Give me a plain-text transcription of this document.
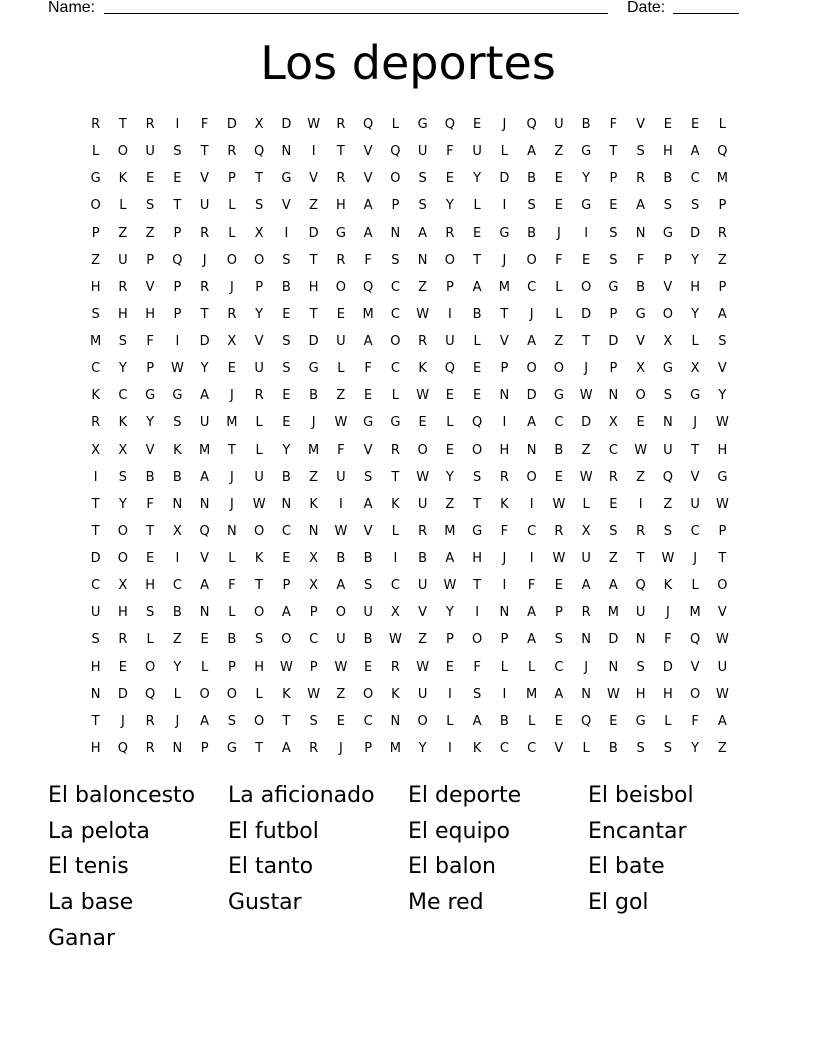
Name:	Date:
Los deportes
R	T	R	I	F	D	X	D	W	R	Q	L	G	Q	E	J	Q	U	B	F	V	E	E	L
L	O	U	S	T	R	Q	N	I	T	V	Q	U	F	U	L	A	Z	G	T	S	H	A	Q
G	K	E	E	V	P	T	G	V	R	V	O	S	E	Y	D	B	E	Y	P	R	B	C	M
O	L	S	T	U	L	S	V	Z	H	A	P	S	Y	L	I	S	E	G	E	A	S	S	P
P	Z	Z	P	R	L	X	I	D	G	A	N	A	R	E	G	B	J	I	S	N	G	D	R
Z	U	P	Q	J	O	O	S	T	R	F	S	N	O	T	J	O	F	E	S	F	P	Y	Z
H	R	V	P	R	J	P	B	H	O	Q	C	Z	P	A	M	C	L	O	G	B	V	H	P
S	H	H	P	T	R	Y	E	T	E	M	C	W	I	B	T	J	L	D	P	G	O	Y	A
M	S	F	I	D	X	V	S	D	U	A	O	R	U	L	V	A	Z	T	D	V	X	L	S
C	Y	P	W	Y	E	U	S	G	L	F	C	K	Q	E	P	O	O	J	P	X	G	X	V
K	C	G	G	A	J	R	E	B	Z	E	L	W	E	E	N	D	G	W	N	O	S	G	Y
R	K	Y	S	U	M	L	E	J	W	G	G	E	L	Q	I	A	C	D	X	E	N	J	W
X	X	V	K	M	T	L	Y	M	F	V	R	O	E	O	H	N	B	Z	C	W	U	T	H
I	S	B	B	A	J	U	B	Z	U	S	T	W	Y	S	R	O	E	W	R	Z	Q	V	G
T	Y	F	N	N	J	W	N	K	I	A	K	U	Z	T	K	I	W	L	E	I	Z	U	W
T	O	T	X	Q	N	O	C	N	W	V	L	R	M	G	F	C	R	X	S	R	S	C	P
D	O	E	I	V	L	K	E	X	B	B	I	B	A	H	J	I	W	U	Z	T	W	J	T
C	X	H	C	A	F	T	P	X	A	S	C	U	W	T	I	F	E	A	A	Q	K	L	O
U	H	S	B	N	L	O	A	P	O	U	X	V	Y	I	N	A	P	R	M	U	J	M	V
S	R	L	Z	E	B	S	O	C	U	B	W	Z	P	O	P	A	S	N	D	N	F	Q	W
H	E	O	Y	L	P	H	W	P	W	E	R	W	E	F	L	L	C	J	N	S	D	V	U
N	D	Q	L	O	O	L	K	W	Z	O	K	U	I	S	I	M	A	N	W	H	H	O	W
T	J	R	J	A	S	O	T	S	E	C	N	O	L	A	B	L	E	Q	E	G	L	F	A
H	Q	R	N	P	G	T	A	R	J	P	M	Y	I	K	C	C	V	L	B	S	S	Y	Z
El baloncesto	La aficionado	El deporte	El beisbol
La pelota	El futbol	El equipo	Encantar
El tenis	El tanto	El balon	El bate
La base	Gustar	Me red	El gol
Ganar
